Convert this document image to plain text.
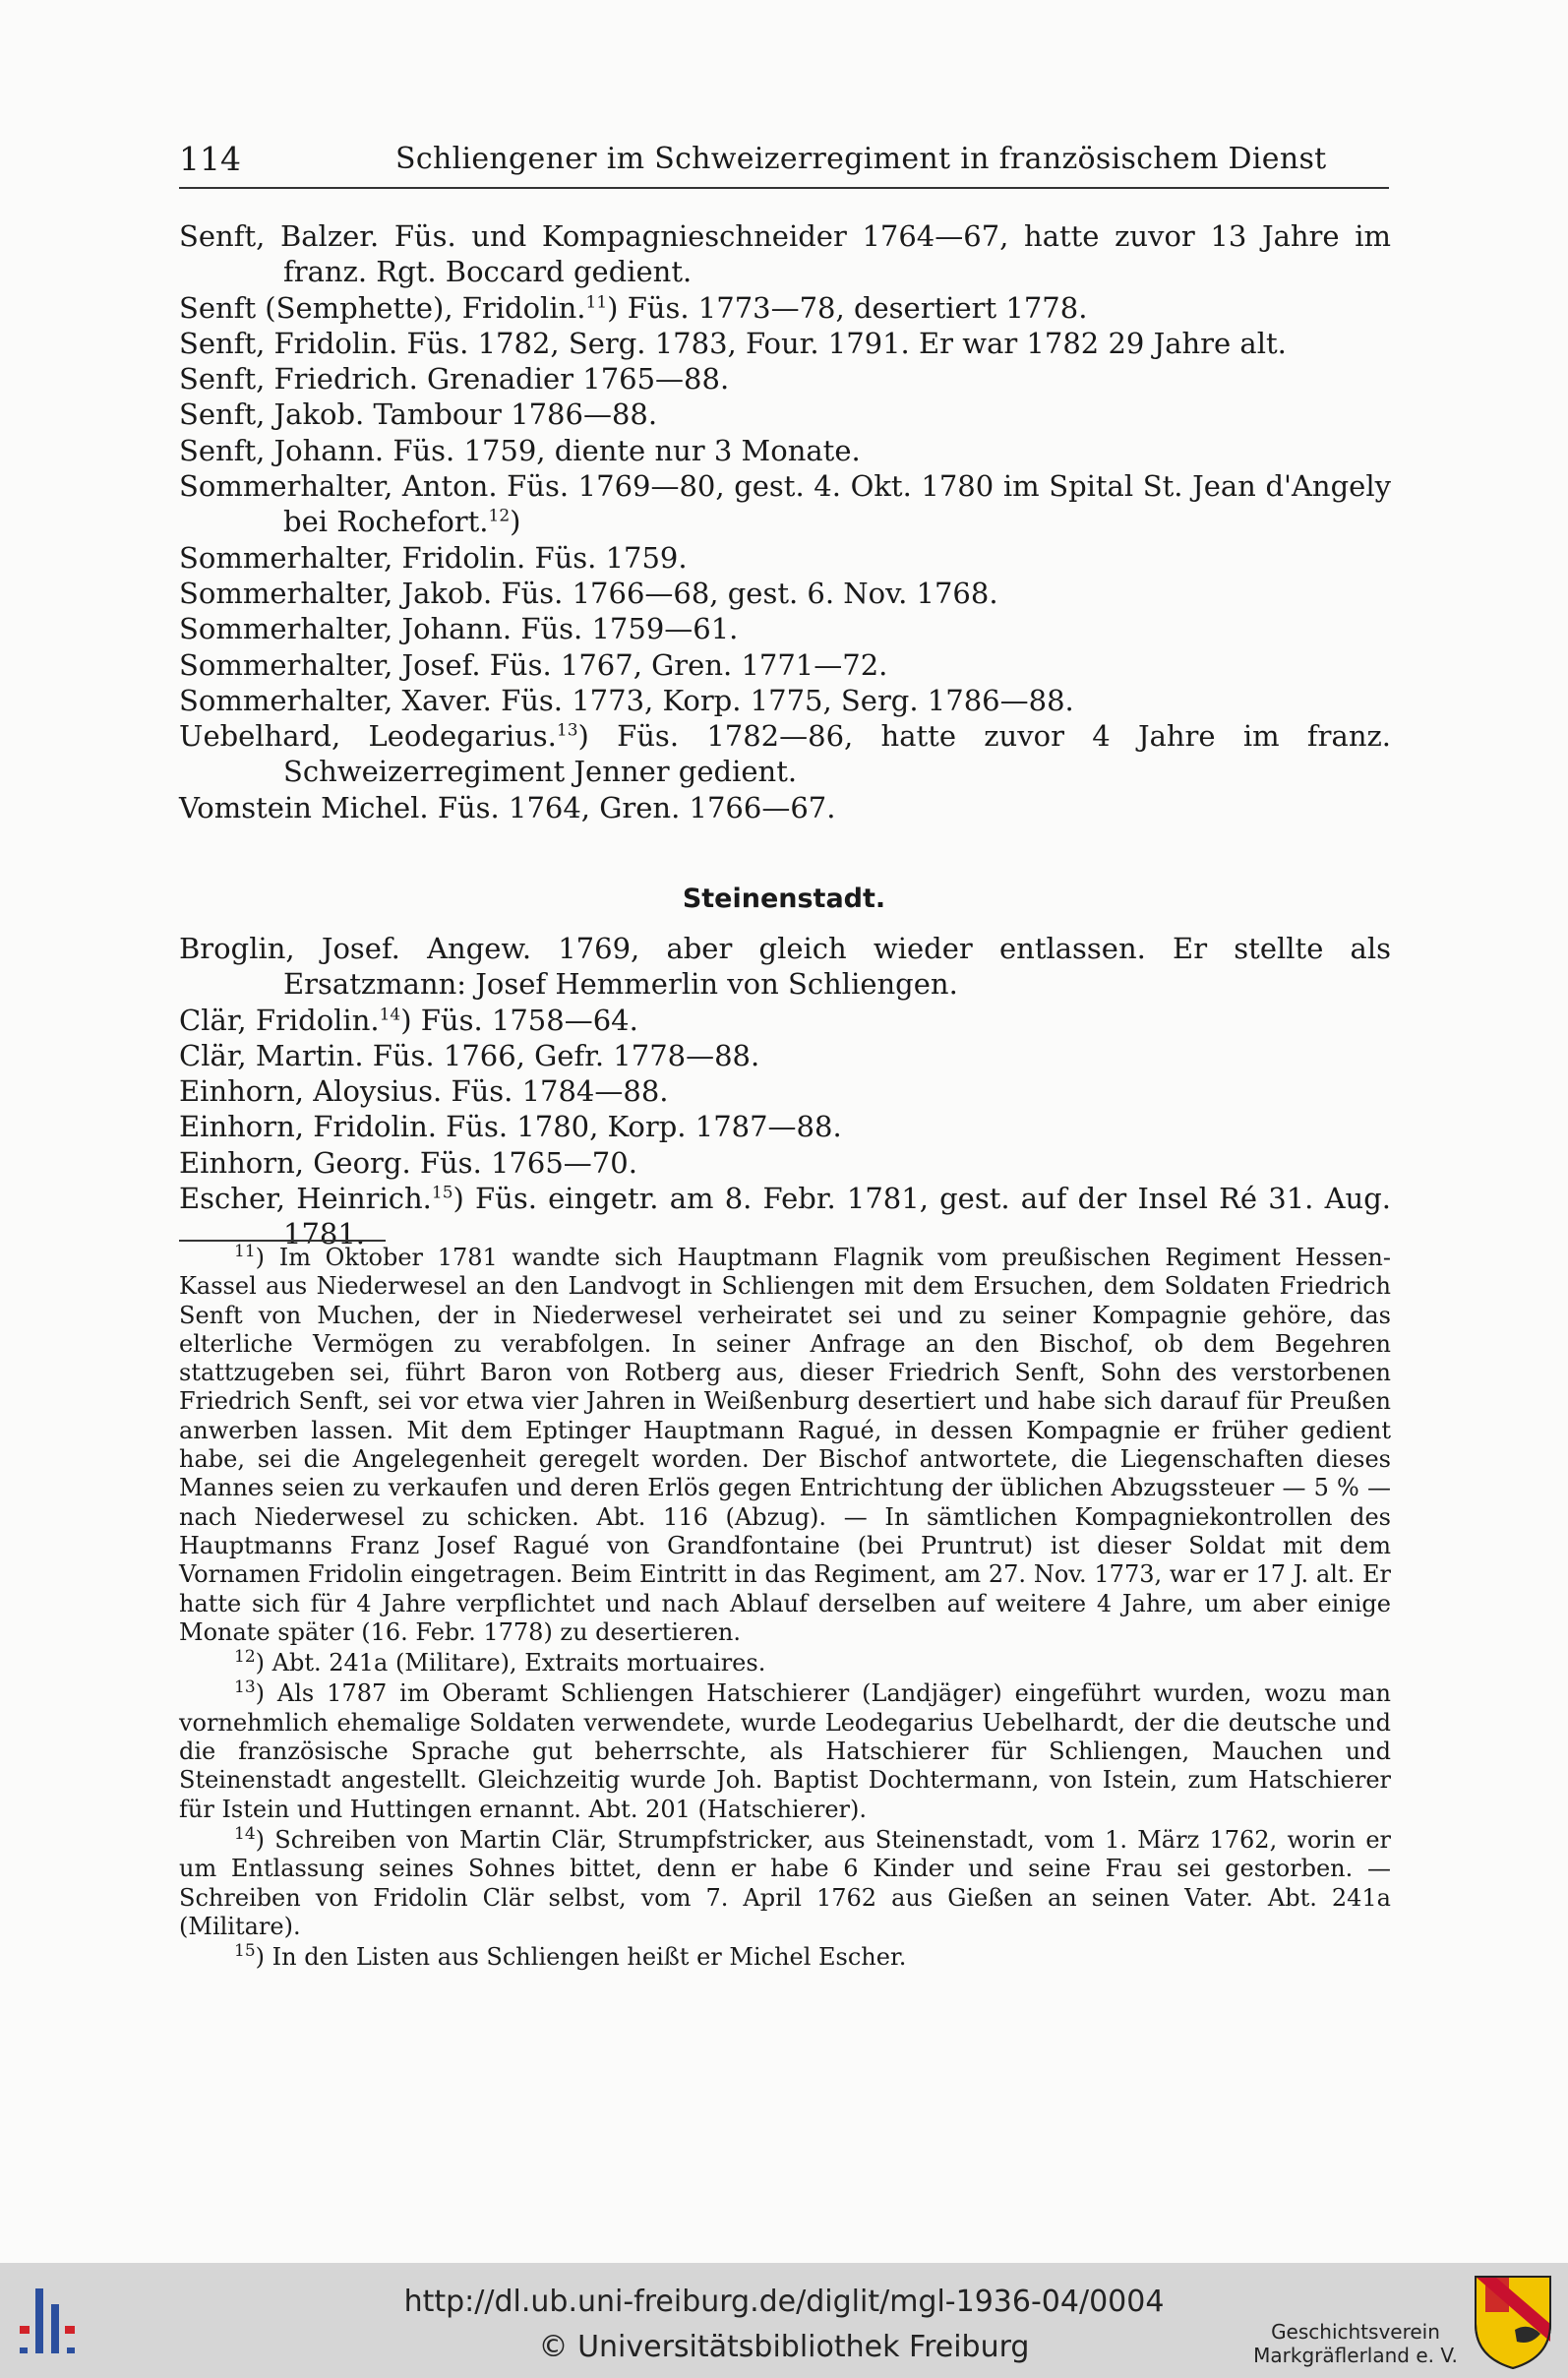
114	Schliengener im Schweizerregiment in französischem Dienst
Senft, Balzer. Füs. und Kompagnieschneider 1764—67, hatte zuvor 13 Jahre im franz. Rgt. Boccard gedient.
Senft (Semphette), Fridolin.$^{11}$) Füs. 1773—78, desertiert 1778.
Senft, Fridolin. Füs. 1782, Serg. 1783, Four. 1791. Er war 1782 29 Jahre alt.
Senft, Friedrich. Grenadier 1765—88.
Senft, Jakob. Tambour 1786—88.
Senft, Johann. Füs. 1759, diente nur 3 Monate.
Sommerhalter, Anton. Füs. 1769—80, gest. 4. Okt. 1780 im Spital St. Jean d'Angely bei Rochefort.$^{12}$)
Sommerhalter, Fridolin. Füs. 1759.
Sommerhalter, Jakob. Füs. 1766—68, gest. 6. Nov. 1768.
Sommerhalter, Johann. Füs. 1759—61.
Sommerhalter, Josef. Füs. 1767, Gren. 1771—72.
Sommerhalter, Xaver. Füs. 1773, Korp. 1775, Serg. 1786—88.
Uebelhard, Leodegarius.$^{13}$) Füs. 1782—86, hatte zuvor 4 Jahre im franz. Schweizerregiment Jenner gedient.
Vomstein Michel. Füs. 1764, Gren. 1766—67.
Steinenstadt.
Broglin, Josef. Angew. 1769, aber gleich wieder entlassen. Er stellte als Ersatzmann: Josef Hemmerlin von Schliengen.
Clär, Fridolin.$^{14}$) Füs. 1758—64.
Clär, Martin. Füs. 1766, Gefr. 1778—88.
Einhorn, Aloysius. Füs. 1784—88.
Einhorn, Fridolin. Füs. 1780, Korp. 1787—88.
Einhorn, Georg. Füs. 1765—70.
Escher, Heinrich.$^{15}$) Füs. eingetr. am 8. Febr. 1781, gest. auf der Insel Ré 31. Aug. 1781.

$^{11}$) Im Oktober 1781 wandte sich Hauptmann Flagnik vom preußischen Regiment Hessen-Kassel aus Niederwesel an den Landvogt in Schliengen mit dem Ersuchen, dem Soldaten Friedrich Senft von Muchen, der in Niederwesel verheiratet sei und zu seiner Kompagnie gehöre, das elterliche Vermögen zu verabfolgen. In seiner Anfrage an den Bischof, ob dem Begehren stattzugeben sei, führt Baron von Rotberg aus, dieser Friedrich Senft, Sohn des verstorbenen Friedrich Senft, sei vor etwa vier Jahren in Weißenburg desertiert und habe sich darauf für Preußen anwerben lassen. Mit dem Eptinger Hauptmann Ragué, in dessen Kompagnie er früher gedient habe, sei die Angelegenheit geregelt worden. Der Bischof antwortete, die Liegenschaften dieses Mannes seien zu verkaufen und deren Erlös gegen Entrichtung der üblichen Abzugssteuer — 5 % — nach Niederwesel zu schicken. Abt. 116 (Abzug). — In sämtlichen Kompagniekontrollen des Hauptmanns Franz Josef Ragué von Grandfontaine (bei Pruntrut) ist dieser Soldat mit dem Vornamen Fridolin eingetragen. Beim Eintritt in das Regiment, am 27. Nov. 1773, war er 17 J. alt. Er hatte sich für 4 Jahre verpflichtet und nach Ablauf derselben auf weitere 4 Jahre, um aber einige Monate später (16. Febr. 1778) zu desertieren.

$^{12}$) Abt. 241a (Militare), Extraits mortuaires.

$^{13}$) Als 1787 im Oberamt Schliengen Hatschierer (Landjäger) eingeführt wurden, wozu man vornehmlich ehemalige Soldaten verwendete, wurde Leodegarius Uebelhardt, der die deutsche und die französische Sprache gut beherrschte, als Hatschierer für Schliengen, Mauchen und Steinenstadt angestellt. Gleichzeitig wurde Joh. Baptist Dochtermann, von Istein, zum Hatschierer für Istein und Huttingen ernannt. Abt. 201 (Hatschierer).

$^{14}$) Schreiben von Martin Clär, Strumpfstricker, aus Steinenstadt, vom 1. März 1762, worin er um Entlassung seines Sohnes bittet, denn er habe 6 Kinder und seine Frau sei gestorben. — Schreiben von Fridolin Clär selbst, vom 7. April 1762 aus Gießen an seinen Vater. Abt. 241a (Militare).

$^{15}$) In den Listen aus Schliengen heißt er Michel Escher.

http://dl.ub.uni-freiburg.de/diglit/mgl-1936-04/0004
© Universitätsbibliothek Freiburg	Geschichtsverein
Markgräflerland e. V.
